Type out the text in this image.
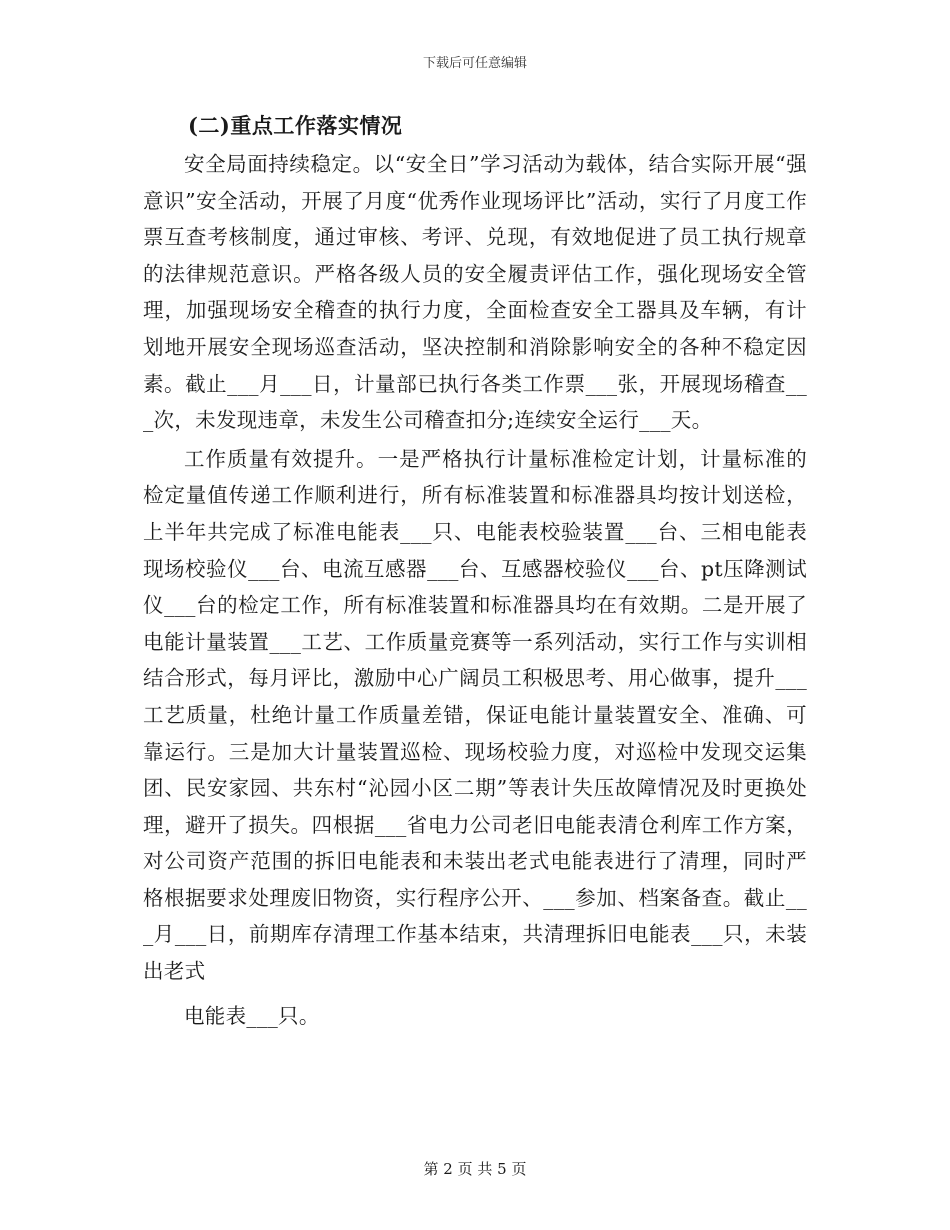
下载后可任意编辑
(二)重点工作落实情况

安全局面持续稳定。以“安全日”学习活动为载体，结合实际开展“强意识”安全活动，开展了月度“优秀作业现场评比”活动，实行了月度工作票互查考核制度，通过审核、考评、兑现，有效地促进了员工执行规章的法律规范意识。严格各级人员的安全履责评估工作，强化现场安全管理，加强现场安全稽查的执行力度，全面检查安全工器具及车辆，有计划地开展安全现场巡查活动，坚决控制和消除影响安全的各种不稳定因素。截止___月___日，计量部已执行各类工作票___张，开展现场稽查___次，未发现违章，未发生公司稽查扣分;连续安全运行___天。

工作质量有效提升。一是严格执行计量标准检定计划，计量标准的检定量值传递工作顺利进行，所有标准装置和标准器具均按计划送检，上半年共完成了标准电能表___只、电能表校验装置___台、三相电能表现场校验仪___台、电流互感器___台、互感器校验仪___台、pt压降测试仪___台的检定工作，所有标准装置和标准器具均在有效期。二是开展了电能计量装置___工艺、工作质量竞赛等一系列活动，实行工作与实训相结合形式，每月评比，激励中心广阔员工积极思考、用心做事，提升___工艺质量，杜绝计量工作质量差错，保证电能计量装置安全、准确、可靠运行。三是加大计量装置巡检、现场校验力度，对巡检中发现交运集团、民安家园、共东村“沁园小区二期”等表计失压故障情况及时更换处理，避开了损失。四根据___省电力公司老旧电能表清仓利库工作方案，对公司资产范围的拆旧电能表和未装出老式电能表进行了清理，同时严格根据要求处理废旧物资，实行程序公开、___参加、档案备查。截止___月___日，前期库存清理工作基本结束，共清理拆旧电能表___只，未装出老式

电能表___只。

第 2 页 共 5 页
